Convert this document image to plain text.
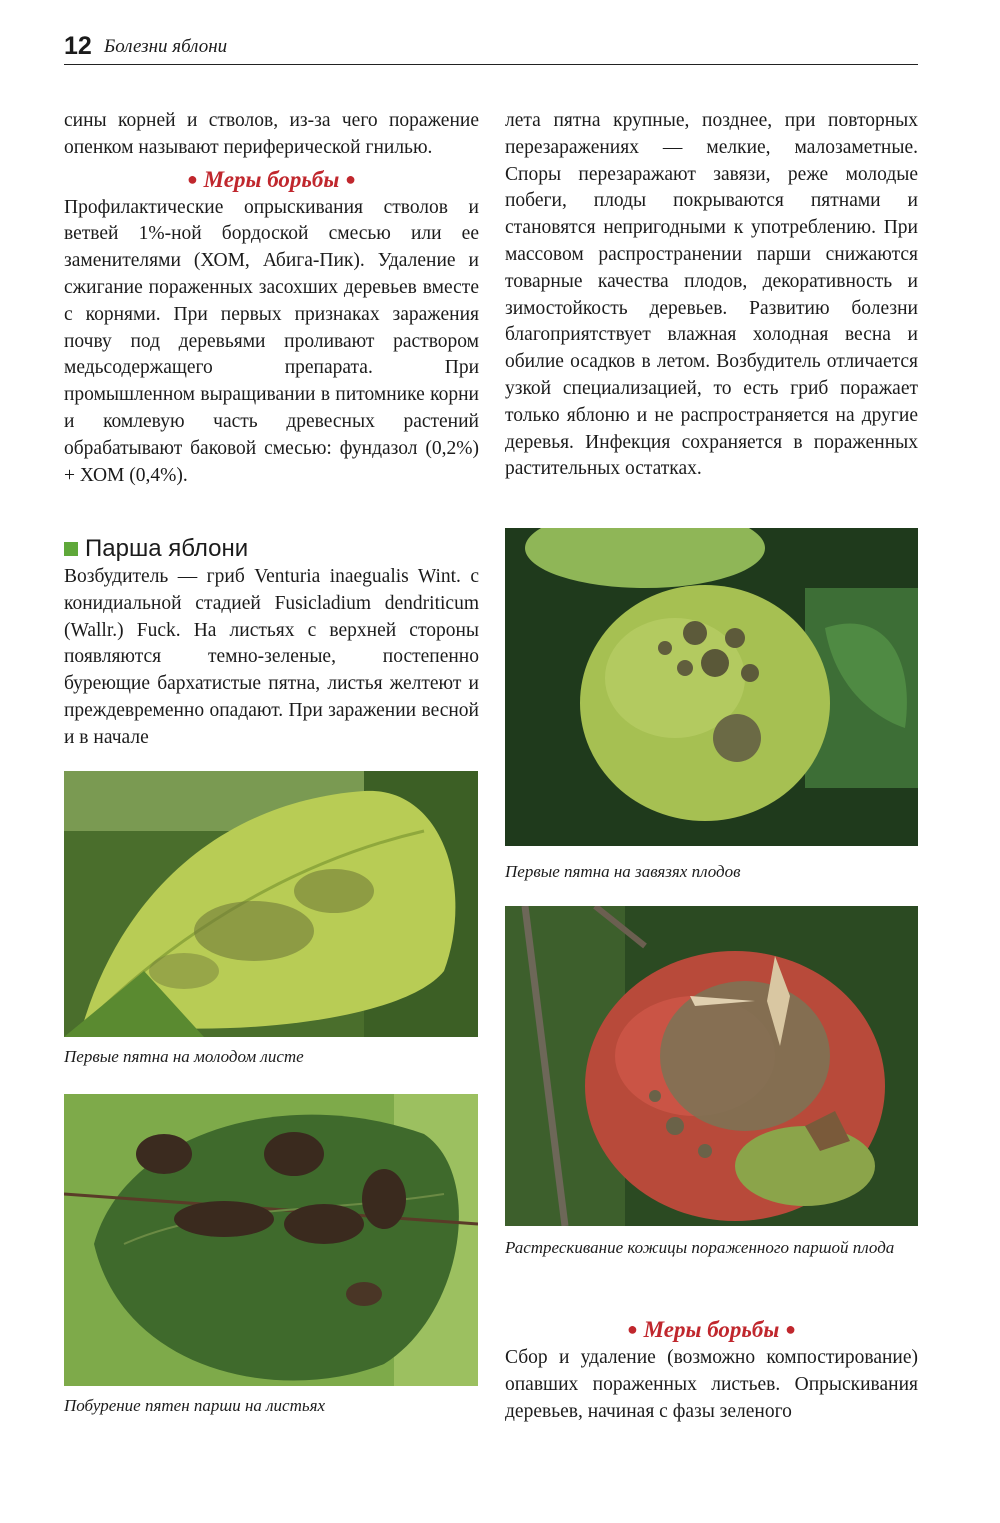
12 Болезни яблони

сины корней и стволов, из-за чего поражение опенком называют периферической гнилью.

● Меры борьбы ●

Профилактические опрыскивания стволов и ветвей 1%-ной бордоской смесью или ее заменителями (ХОМ, Абига-Пик). Удаление и сжигание пораженных засохших деревьев вместе с корнями. При первых признаках заражения почву под деревьями проливают раствором медьсодержащего препарата. При промышленном выращивании в питомнике корни и комлевую часть древесных растений обрабатывают баковой смесью: фундазол (0,2%) + ХОМ (0,4%).

Парша яблони

Возбудитель — гриб Venturia inaegualis Wint. с конидиальной стадией Fusicladium dendriticum (Wallr.) Fuck. На листьях с верхней стороны появляются темно-зеленые, постепенно буреющие бархатистые пятна, листья желтеют и преждевременно опадают. При заражении весной и в начале

Первые пятна на молодом листе

Побурение пятен парши на листьях

лета пятна крупные, позднее, при повторных перезаражениях — мелкие, малозаметные. Споры перезаражают завязи, реже молодые побеги, плоды покрываются пятнами и становятся непригодными к употреблению. При массовом распространении парши снижаются товарные качества плодов, декоративность и зимостойкость деревьев. Развитию болезни благоприятствует влажная холодная весна и обилие осадков в летом. Возбудитель отличается узкой специализацией, то есть гриб поражает только яблоню и не распространяется на другие деревья. Инфекция сохраняется в пораженных растительных остатках.

Первые пятна на завязях плодов

Растрескивание кожицы пораженного паршой плода

● Меры борьбы ●

Сбор и удаление (возможно компостирование) опавших пораженных листьев. Опрыскивания деревьев, начиная с фазы зеленого
